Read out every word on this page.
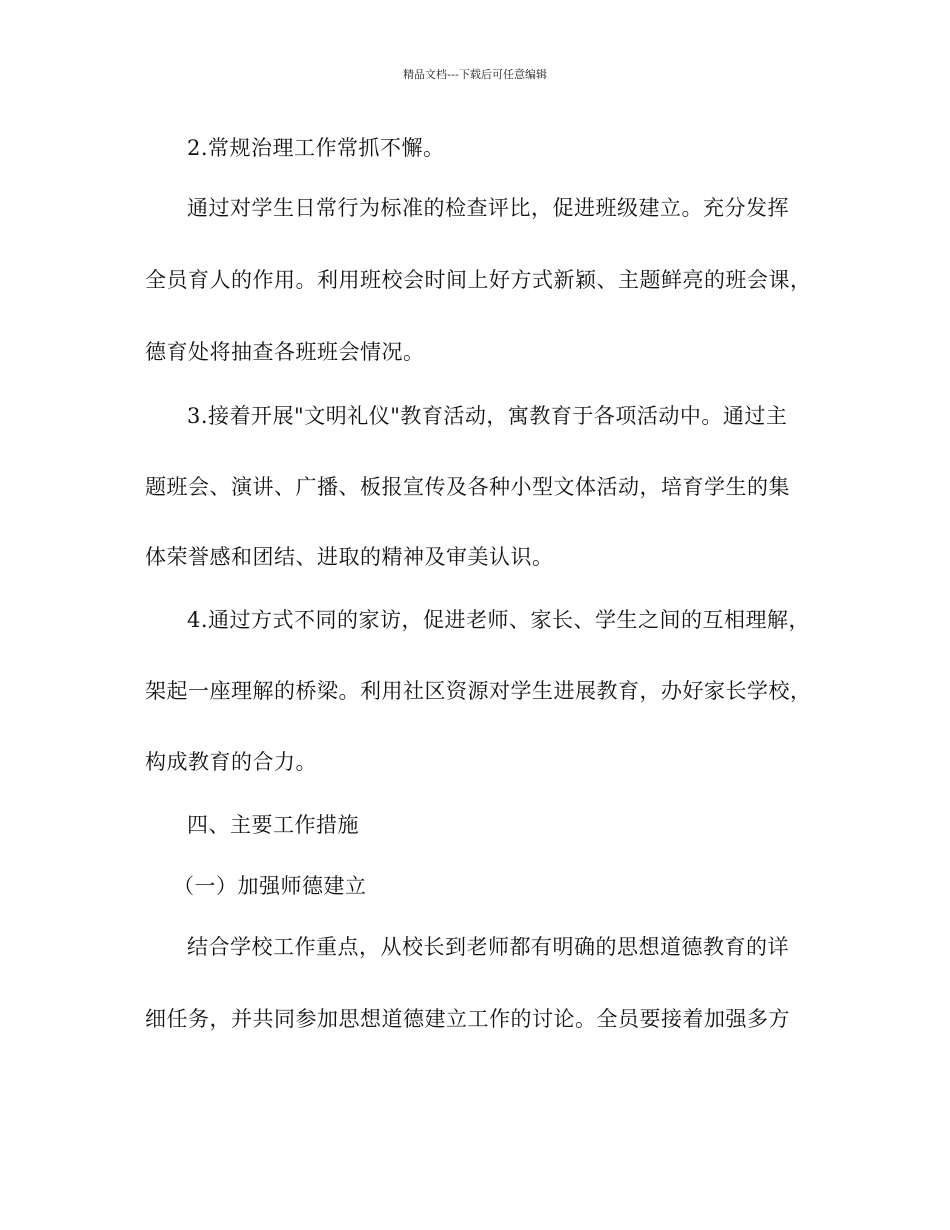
精品文档---下载后可任意编辑
2.常规治理工作常抓不懈。
通过对学生日常行为标准的检查评比，促进班级建立。充分发挥
全员育人的作用。利用班校会时间上好方式新颖、主题鲜亮的班会课，
德育处将抽查各班班会情况。
3.接着开展"文明礼仪"教育活动，寓教育于各项活动中。通过主
题班会、演讲、广播、板报宣传及各种小型文体活动，培育学生的集
体荣誉感和团结、进取的精神及审美认识。
4.通过方式不同的家访，促进老师、家长、学生之间的互相理解，
架起一座理解的桥梁。利用社区资源对学生进展教育，办好家长学校，
构成教育的合力。
四、主要工作措施
（一）加强师德建立
结合学校工作重点，从校长到老师都有明确的思想道德教育的详
细任务，并共同参加思想道德建立工作的讨论。全员要接着加强多方
